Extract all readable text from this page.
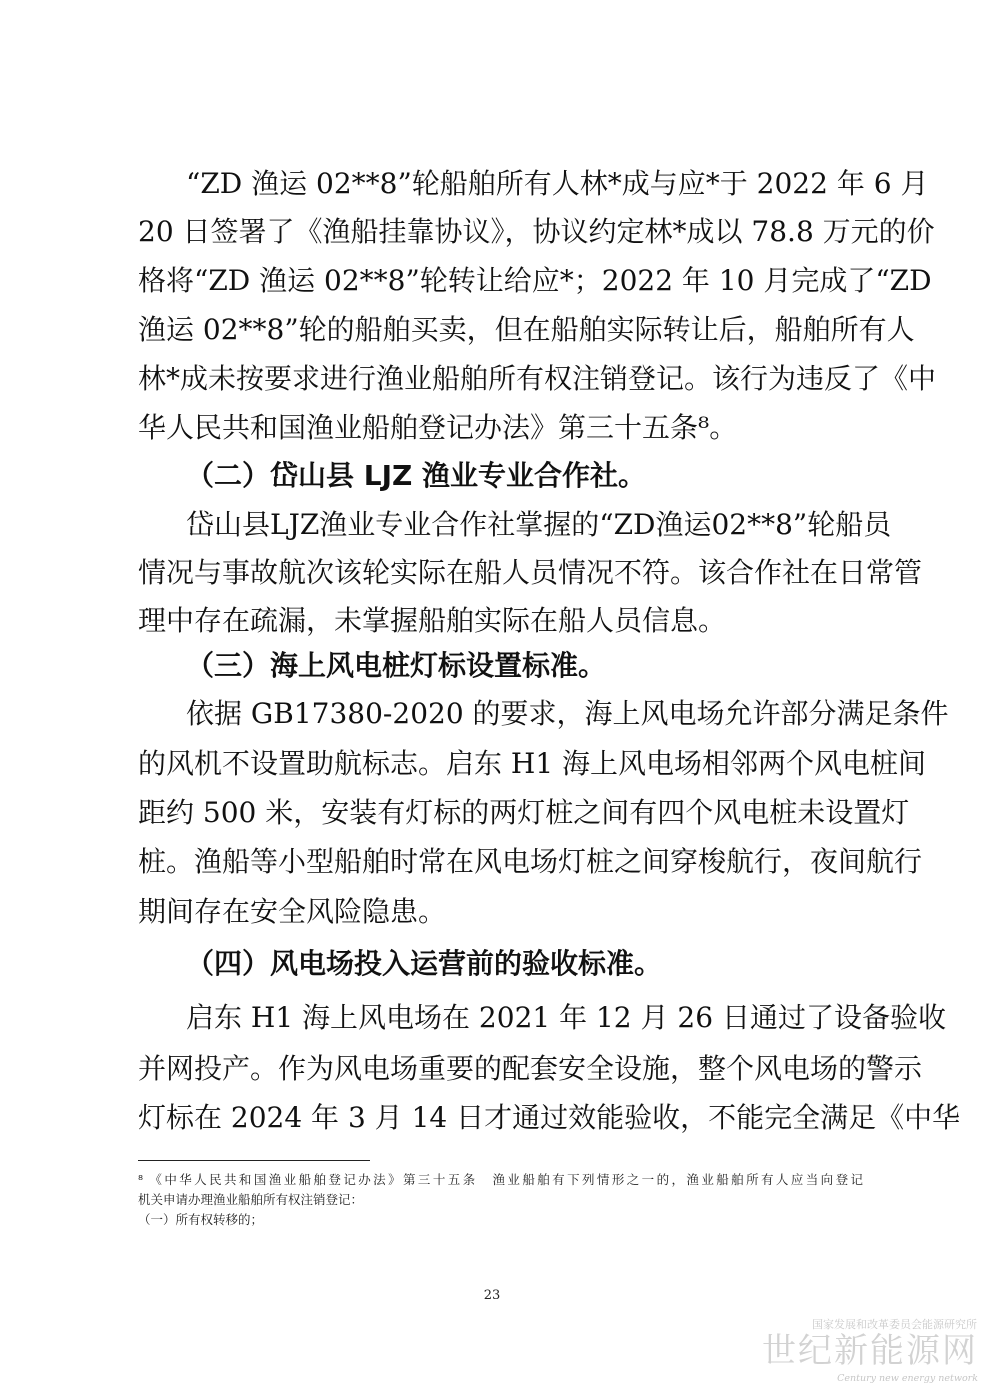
“ZD 渔运 02**8”轮船舶所有人林*成与应*于 2022 年 6 月
20 日签署了《渔船挂靠协议》，协议约定林*成以 78.8 万元的价
格将“ZD 渔运 02**8”轮转让给应*；2022 年 10 月完成了“ZD
渔运 02**8”轮的船舶买卖，但在船舶实际转让后，船舶所有人
林*成未按要求进行渔业船舶所有权注销登记。该行为违反了《中
华人民共和国渔业船舶登记办法》第三十五条⁸。
（二）岱山县 LJZ 渔业专业合作社。
岱山县LJZ渔业专业合作社掌握的“ZD渔运02**8”轮船员
情况与事故航次该轮实际在船人员情况不符。该合作社在日常管
理中存在疏漏，未掌握船舶实际在船人员信息。
（三）海上风电桩灯标设置标准。
依据 GB17380-2020 的要求，海上风电场允许部分满足条件
的风机不设置助航标志。启东 H1 海上风电场相邻两个风电桩间
距约 500 米，安装有灯标的两灯桩之间有四个风电桩未设置灯
桩。渔船等小型船舶时常在风电场灯桩之间穿梭航行，夜间航行
期间存在安全风险隐患。
（四）风电场投入运营前的验收标准。
启东 H1 海上风电场在 2021 年 12 月 26 日通过了设备验收
并网投产。作为风电场重要的配套安全设施，整个风电场的警示
灯标在 2024 年 3 月 14 日才通过效能验收，不能完全满足《中华
⁸ 《中华人民共和国渔业船舶登记办法》第三十五条　渔业船舶有下列情形之一的，渔业船舶所有人应当向登记
机关申请办理渔业船舶所有权注销登记：
（一）所有权转移的；
23
国家发展和改革委员会能源研究所
世纪新能源网
Century new energy network
